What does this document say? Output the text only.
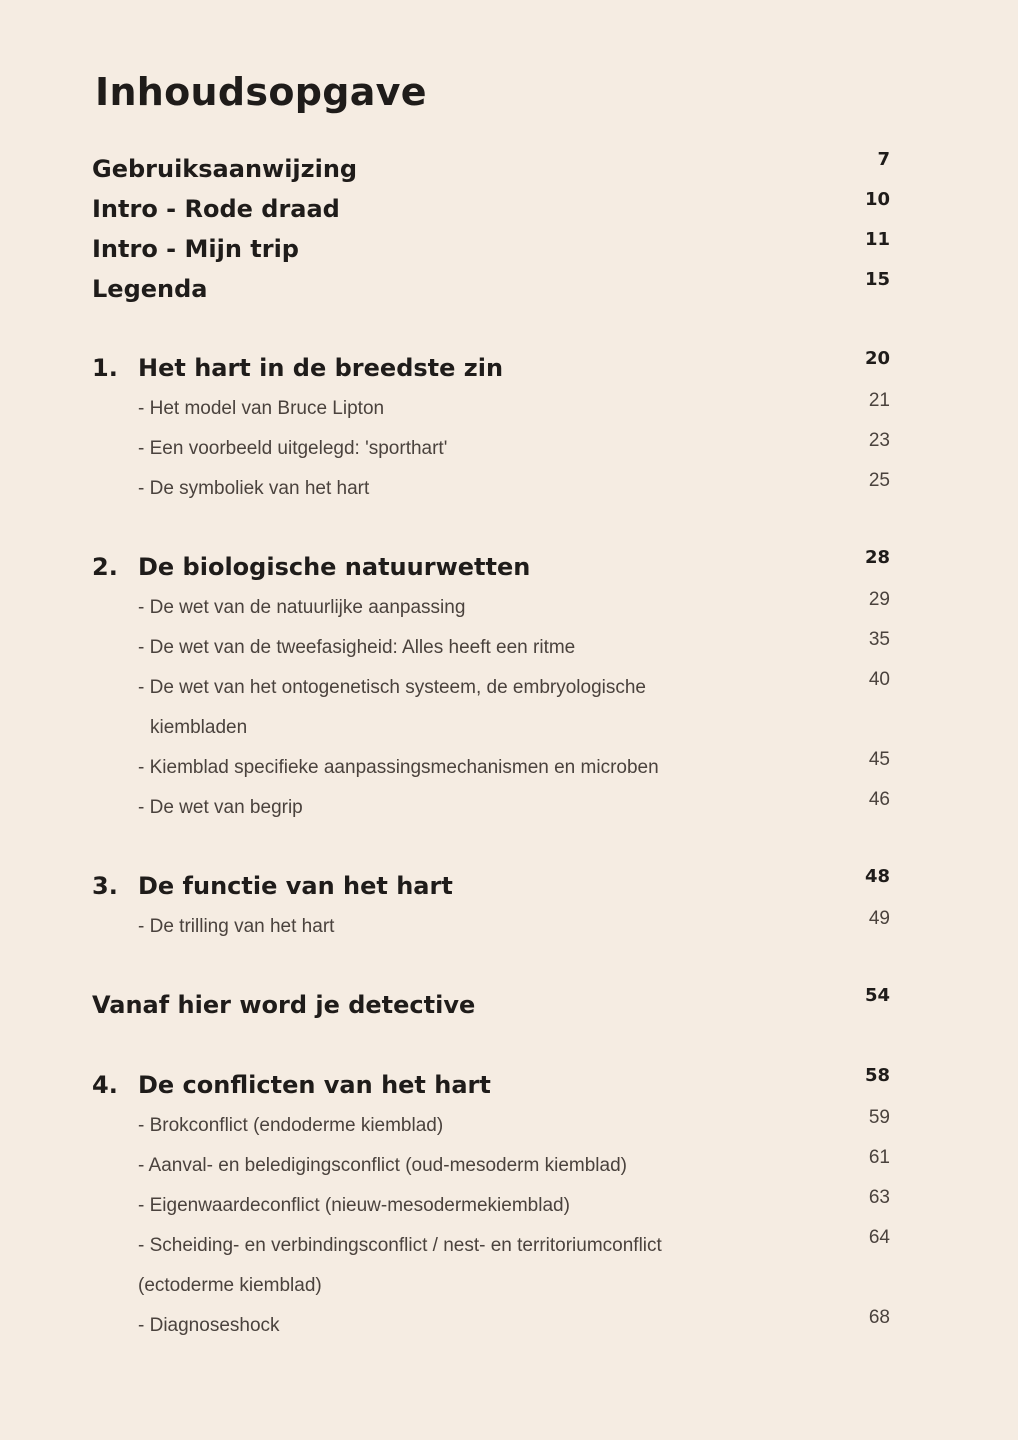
Inhoudsopgave
Gebruiksaanwijzing	7
Intro - Rode draad	10
Intro - Mijn trip	11
Legenda	15
1. Het hart in de breedste zin	20
- Het model van Bruce Lipton	21
- Een voorbeeld uitgelegd: 'sporthart'	23
- De symboliek van het hart	25
2. De biologische natuurwetten	28
- De wet van de natuurlijke aanpassing	29
- De wet van de tweefasigheid: Alles heeft een ritme	35
- De wet van het ontogenetisch systeem, de embryologische	40
kiembladen
- Kiemblad specifieke aanpassingsmechanismen en microben	45
- De wet van begrip	46
3. De functie van het hart	48
- De trilling van het hart	49
Vanaf hier word je detective	54
4. De conflicten van het hart	58
- Brokconflict (endoderme kiemblad)	59
- Aanval- en beledigingsconflict (oud-mesoderm kiemblad)	61
- Eigenwaardeconflict (nieuw-mesodermekiemblad)	63
- Scheiding- en verbindingsconflict / nest- en territoriumconflict	64
(ectoderme kiemblad)
- Diagnoseshock	68
